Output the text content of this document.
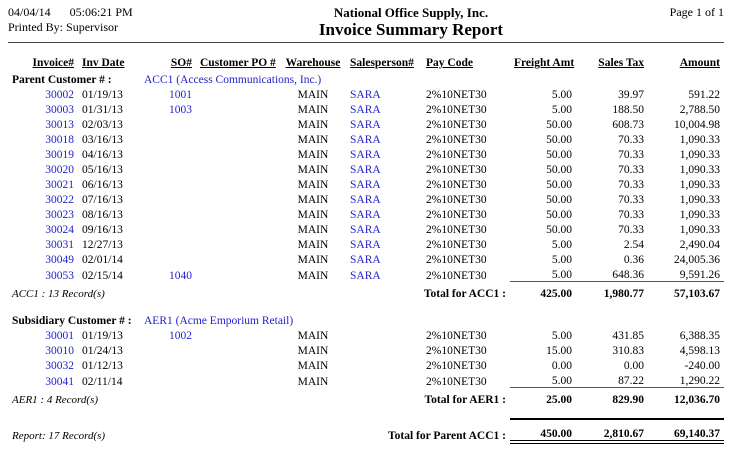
04/04/14 05:06:21 PM
Printed By: Supervisor
National Office Supply, Inc.
Invoice Summary Report
Page 1 of 1
Invoice#	Inv Date	SO#	Customer PO #	Warehouse	Salesperson#	Pay Code	Freight Amt	Sales Tax	Amount
Parent Customer # :		ACC1 (Access Communications, Inc.)							
30002	01/19/13	1001		MAIN	SARA	2%10NET30	5.00	39.97	591.22
30003	01/31/13	1003		MAIN	SARA	2%10NET30	5.00	188.50	2,788.50
30013	02/03/13			MAIN	SARA	2%10NET30	50.00	608.73	10,004.98
30018	03/16/13			MAIN	SARA	2%10NET30	50.00	70.33	1,090.33
30019	04/16/13			MAIN	SARA	2%10NET30	50.00	70.33	1,090.33
30020	05/16/13			MAIN	SARA	2%10NET30	50.00	70.33	1,090.33
30021	06/16/13			MAIN	SARA	2%10NET30	50.00	70.33	1,090.33
30022	07/16/13			MAIN	SARA	2%10NET30	50.00	70.33	1,090.33
30023	08/16/13			MAIN	SARA	2%10NET30	50.00	70.33	1,090.33
30024	09/16/13			MAIN	SARA	2%10NET30	50.00	70.33	1,090.33
30031	12/27/13			MAIN	SARA	2%10NET30	5.00	2.54	2,490.04
30049	02/01/14			MAIN	SARA	2%10NET30	5.00	0.36	24,005.36
30053	02/15/14	1040		MAIN	SARA	2%10NET30	5.00	648.36	9,591.26
ACC1 : 13 Record(s)				Total for ACC1 :			425.00	1,980.77	57,103.67

Subsidiary Customer # :		AER1 (Acme Emporium Retail)							
30001	01/19/13	1002		MAIN		2%10NET30	5.00	431.85	6,388.35
30010	01/24/13			MAIN		2%10NET30	15.00	310.83	4,598.13
30032	01/12/13			MAIN		2%10NET30	0.00	0.00	-240.00
30041	02/11/14			MAIN		2%10NET30	5.00	87.22	1,290.22
AER1 : 4 Record(s)				Total for AER1 :			25.00	829.90	12,036.70

Report: 17 Record(s)				Total for Parent ACC1 :			450.00	2,810.67	69,140.37
